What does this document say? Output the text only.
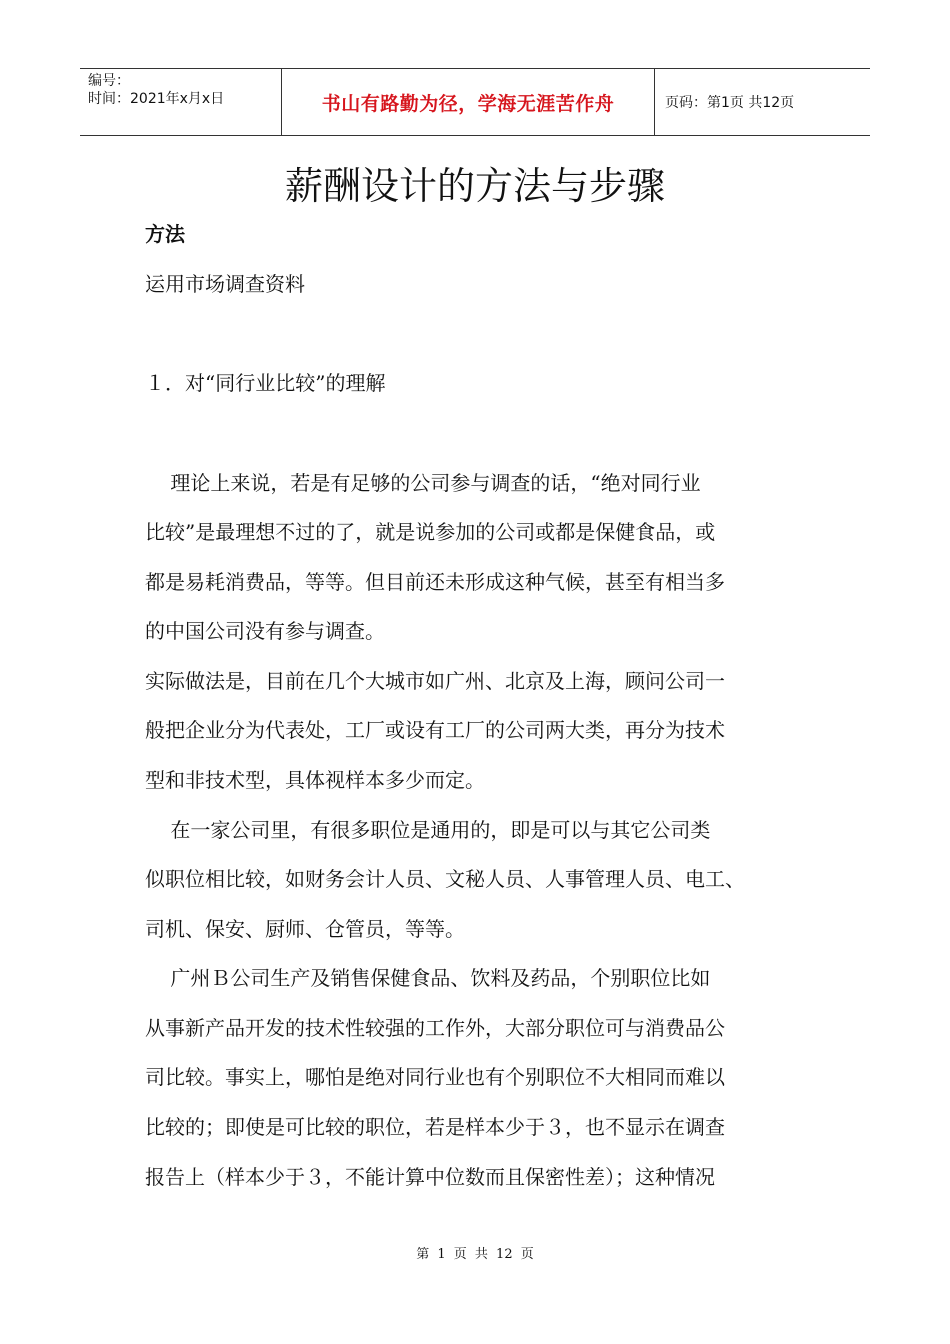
编号：
时间：2021年x月x日	书山有路勤为径，学海无涯苦作舟	页码：第1页 共12页
薪酬设计的方法与步骤
方法
运用市场调查资料
１．对“同行业比较”的理解
理论上来说，若是有足够的公司参与调查的话，“绝对同行业
比较”是最理想不过的了，就是说参加的公司或都是保健食品，或
都是易耗消费品，等等。但目前还未形成这种气候，甚至有相当多
的中国公司没有参与调查。
实际做法是，目前在几个大城市如广州、北京及上海，顾问公司一
般把企业分为代表处，工厂或设有工厂的公司两大类，再分为技术
型和非技术型，具体视样本多少而定。
在一家公司里，有很多职位是通用的，即是可以与其它公司类
似职位相比较，如财务会计人员、文秘人员、人事管理人员、电工、
司机、保安、厨师、仓管员，等等。
广州Ｂ公司生产及销售保健食品、饮料及药品，个别职位比如
从事新产品开发的技术性较强的工作外，大部分职位可与消费品公
司比较。事实上，哪怕是绝对同行业也有个别职位不大相同而难以
比较的；即使是可比较的职位，若是样本少于３，也不显示在调查
报告上（样本少于３，不能计算中位数而且保密性差）；这种情况
第 1 页 共 12 页
